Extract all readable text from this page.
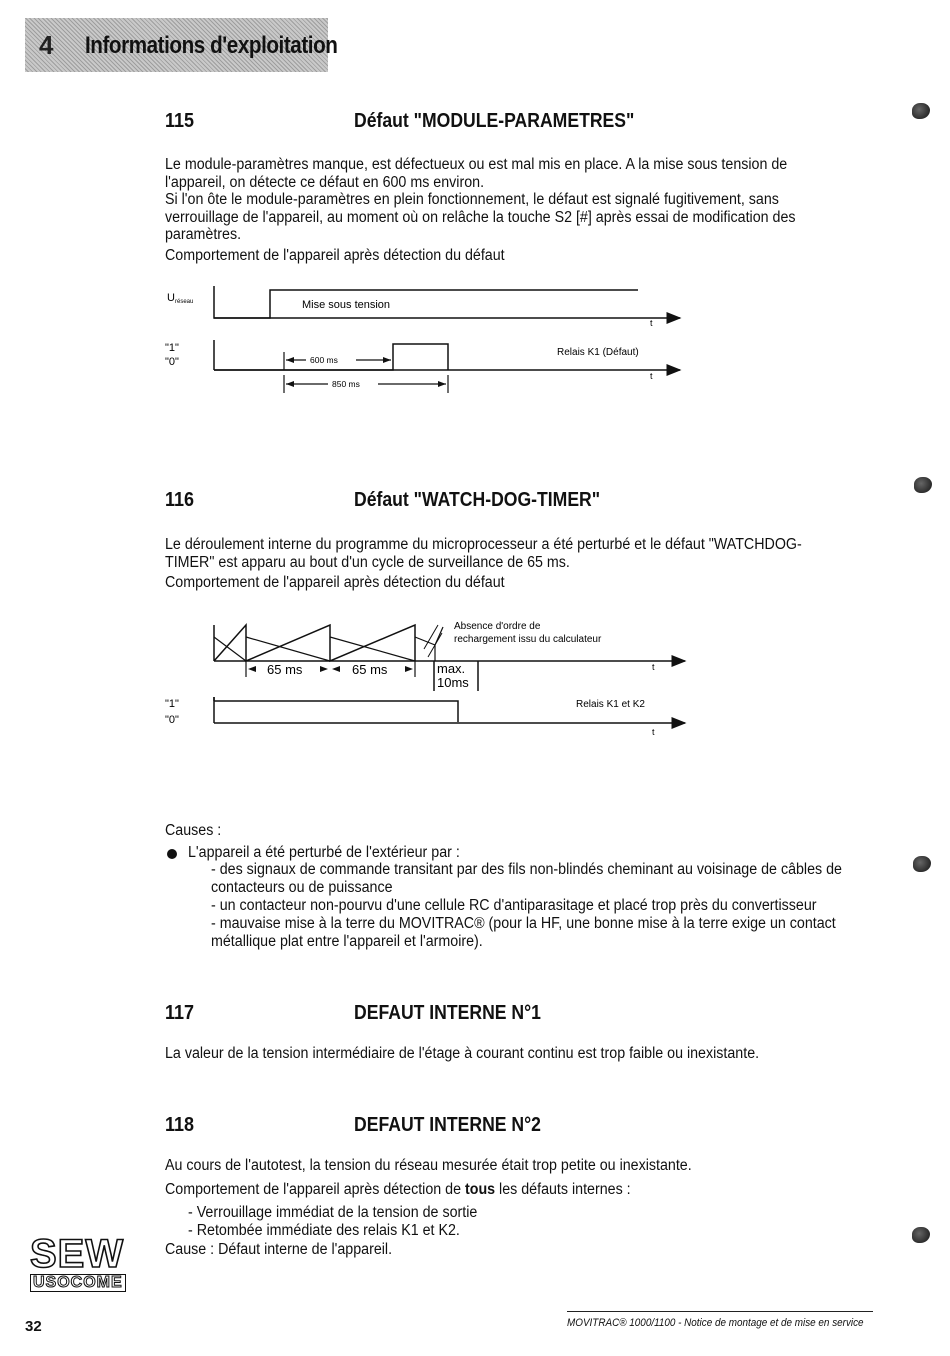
4 Informations d'exploitation
115	Défaut "MODULE-PARAMETRES"

Le module-paramètres manque, est défectueux ou est mal mis en place. A la mise sous tension de l'appareil, on détecte ce défaut en 600 ms environ.

Si l'on ôte le module-paramètres en plein fonctionnement, le défaut est signalé fugitivement, sans verrouillage de l'appareil, au moment où on relâche la touche S2 [#] après essai de modification des paramètres.

Comportement de l'appareil après détection du défaut

U réseau	Mise sous tension
t
"1"
"0"
Relais K1 (Défaut)
t
600 ms
850 ms
116	Défaut "WATCH-DOG-TIMER"

Le déroulement interne du programme du microprocesseur a été perturbé et le défaut "WATCHDOG-TIMER" est apparu au bout d'un cycle de surveillance de 65 ms.

Comportement de l'appareil après détection du défaut

Absence d'ordre de
rechargement issu du calculateur
t
65 ms	65 ms	max.
10ms
"1"
"0"
Relais K1 et K2
t
Causes :
L'appareil a été perturbé de l'extérieur par :
- des signaux de commande transitant par des fils non-blindés cheminant au voisinage de câbles de
contacteurs ou de puissance
- un contacteur non-pourvu d'une cellule RC d'antiparasitage et placé trop près du convertisseur
- mauvaise mise à la terre du MOVITRAC® (pour la HF, une bonne mise à la terre exige un contact
métallique plat entre l'appareil et l'armoire).
117	DEFAUT INTERNE N°1
La valeur de la tension intermédiaire de l'étage à courant continu est trop faible ou inexistante.
118	DEFAUT INTERNE N°2
Au cours de l'autotest, la tension du réseau mesurée était trop petite ou inexistante.
Comportement de l'appareil après détection de tous les défauts internes :
- Verrouillage immédiat de la tension de sortie
- Retombée immédiate des relais K1 et K2.
Cause : Défaut interne de l'appareil.
SEW
USOCOME
32	MOVITRAC® 1000/1100 - Notice de montage et de mise en service
